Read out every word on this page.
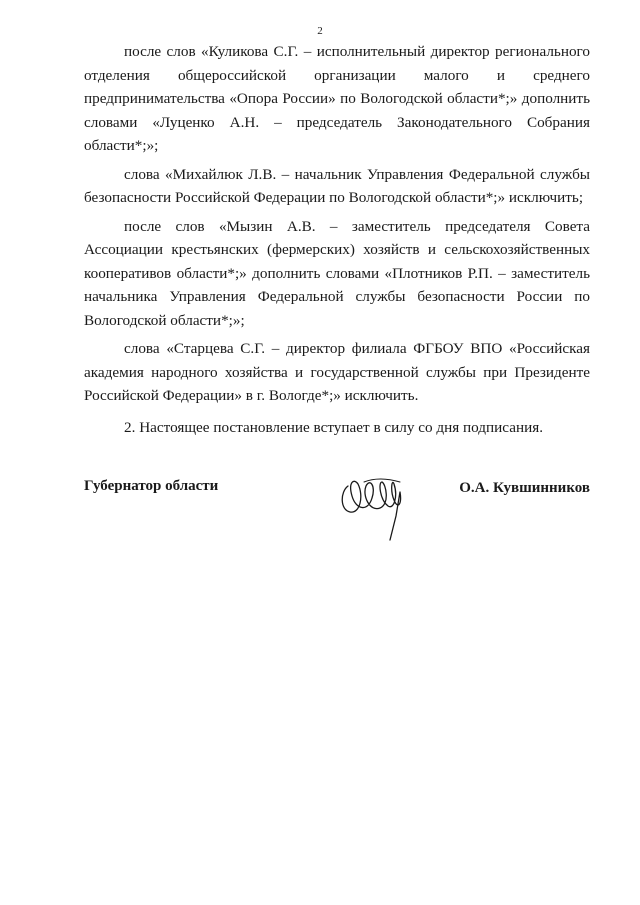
2

после слов «Куликова С.Г. – исполнительный директор регионального отделения общероссийской организации малого и среднего предпринимательства «Опора России» по Вологодской области*;» дополнить словами «Луценко А.Н. – председатель Законодательного Собрания области*;»;

слова «Михайлюк Л.В. – начальник Управления Федеральной службы безопасности Российской Федерации по Вологодской области*;» исключить;

после слов «Мызин А.В. – заместитель председателя Совета Ассоциации крестьянских (фермерских) хозяйств и сельскохозяйственных кооперативов области*;» дополнить словами «Плотников Р.П. – заместитель начальника Управления Федеральной службы безопасности России по Вологодской области*;»;

слова «Старцева С.Г. – директор филиала ФГБОУ ВПО «Российская академия народного хозяйства и государственной службы при Президенте Российской Федерации» в г. Вологде*;» исключить.

2. Настоящее постановление вступает в силу со дня подписания.

Губернатор области	О.А. Кувшинников
